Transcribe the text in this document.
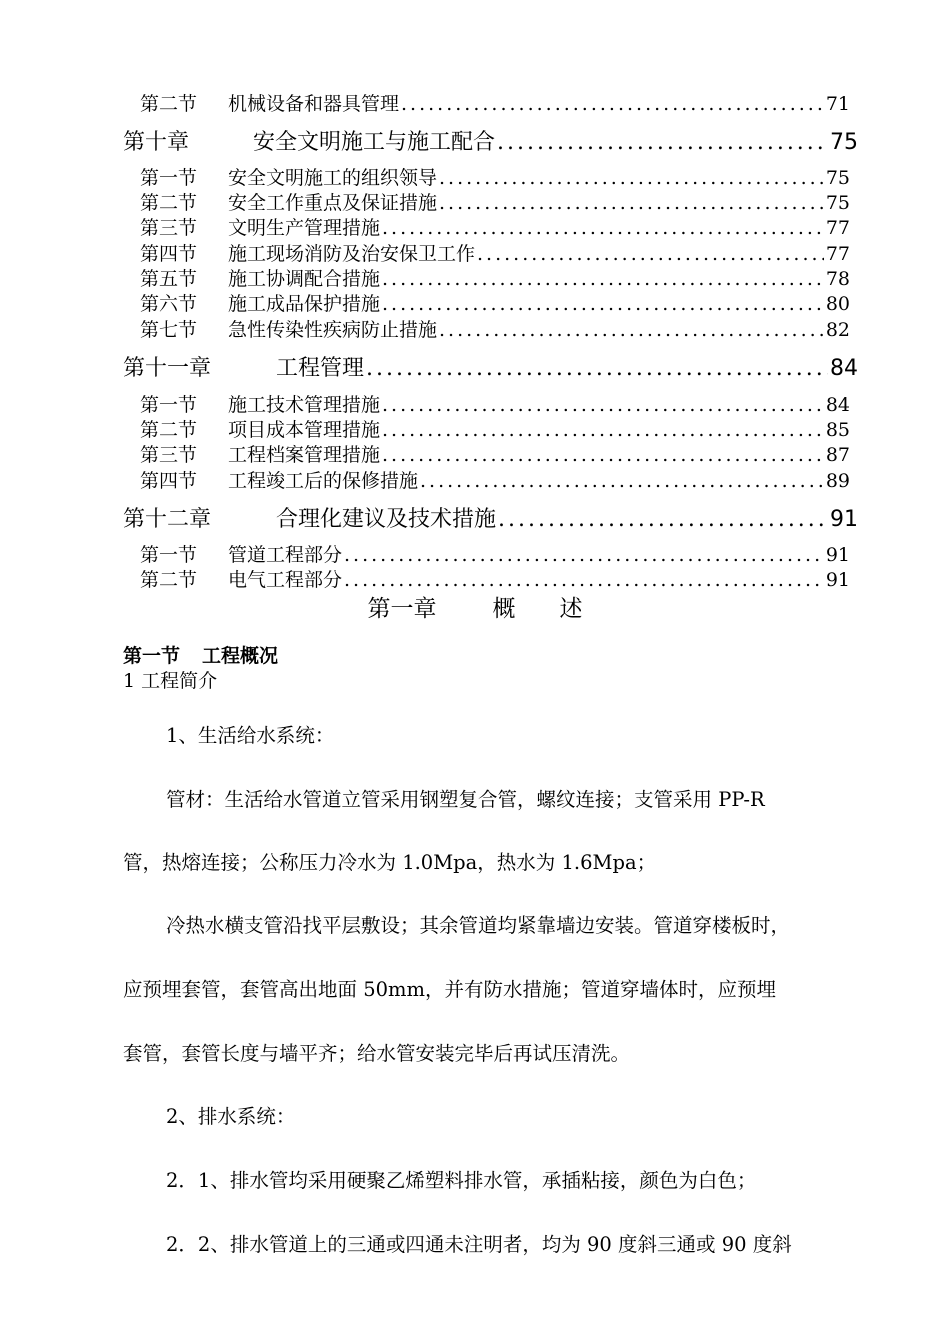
第二节	机械设备和器具管理 .....	71
第十章	安全文明施工与施工配合 .....	75
第一节	安全文明施工的组织领导 .....	75
第二节	安全工作重点及保证措施 .....	75
第三节	文明生产管理措施 .....	77
第四节	施工现场消防及治安保卫工作 .....	77
第五节	施工协调配合措施 .....	78
第六节	施工成品保护措施 .....	80
第七节	急性传染性疾病防止措施 .....	82
第十一章	工程管理 .....	84
第一节	施工技术管理措施 .....	84
第二节	项目成本管理措施 .....	85
第三节	工程档案管理措施 .....	87
第四节	工程竣工后的保修措施 .....	89
第十二章	合理化建议及技术措施 .....	91
第一节	管道工程部分 .....	91
第二节	电气工程部分 .....	91
第一章 概 述
第一节 工程概况
1 工程简介
1、生活给水系统：
管材：生活给水管道立管采用钢塑复合管，螺纹连接；支管采用 PP-R
管，热熔连接；公称压力冷水为 1.0Mpa，热水为 1.6Mpa；
冷热水横支管沿找平层敷设；其余管道均紧靠墙边安装。管道穿楼板时，
应预埋套管，套管高出地面 50mm，并有防水措施；管道穿墙体时，应预埋
套管，套管长度与墙平齐；给水管安装完毕后再试压清洗。
2、排水系统：
2．1、排水管均采用硬聚乙烯塑料排水管，承插粘接，颜色为白色；
2．2、排水管道上的三通或四通未注明者，均为 90 度斜三通或 90 度斜
